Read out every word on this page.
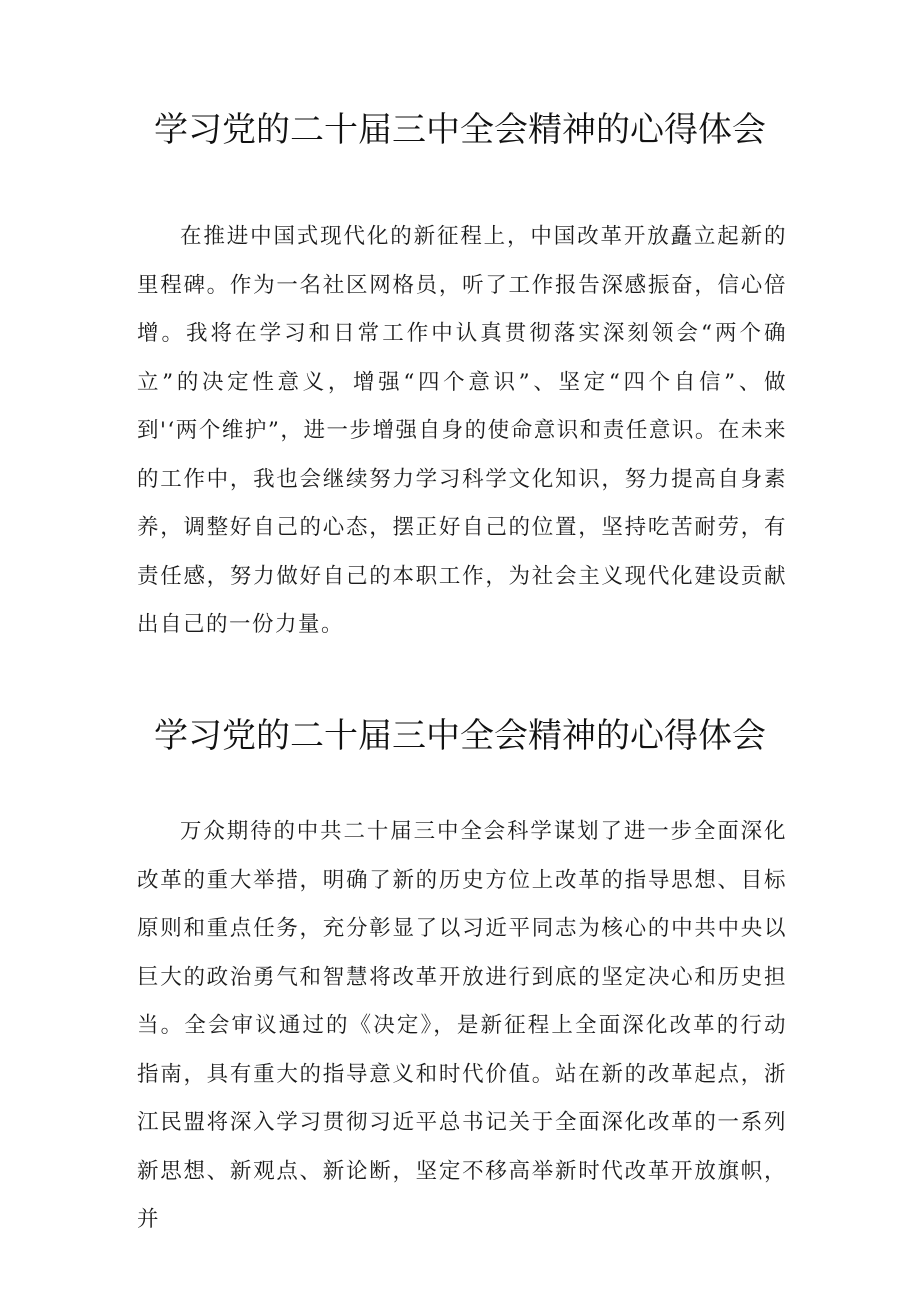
学习党的二十届三中全会精神的心得体会

在推进中国式现代化的新征程上，中国改革开放矗立起新的里程碑。作为一名社区网格员，听了工作报告深感振奋，信心倍增。我将在学习和日常工作中认真贯彻落实深刻领会“两个确立”的决定性意义，增强“四个意识”、坚定“四个自信”、做到'‘两个维护”，进一步增强自身的使命意识和责任意识。在未来的工作中，我也会继续努力学习科学文化知识，努力提高自身素养，调整好自己的心态，摆正好自己的位置，坚持吃苦耐劳，有责任感，努力做好自己的本职工作，为社会主义现代化建设贡献出自己的一份力量。

学习党的二十届三中全会精神的心得体会

万众期待的中共二十届三中全会科学谋划了进一步全面深化改革的重大举措，明确了新的历史方位上改革的指导思想、目标原则和重点任务，充分彰显了以习近平同志为核心的中共中央以巨大的政治勇气和智慧将改革开放进行到底的坚定决心和历史担当。全会审议通过的《决定》，是新征程上全面深化改革的行动指南，具有重大的指导意义和时代价值。站在新的改革起点，浙江民盟将深入学习贯彻习近平总书记关于全面深化改革的一系列新思想、新观点、新论断，坚定不移高举新时代改革开放旗帜，并
